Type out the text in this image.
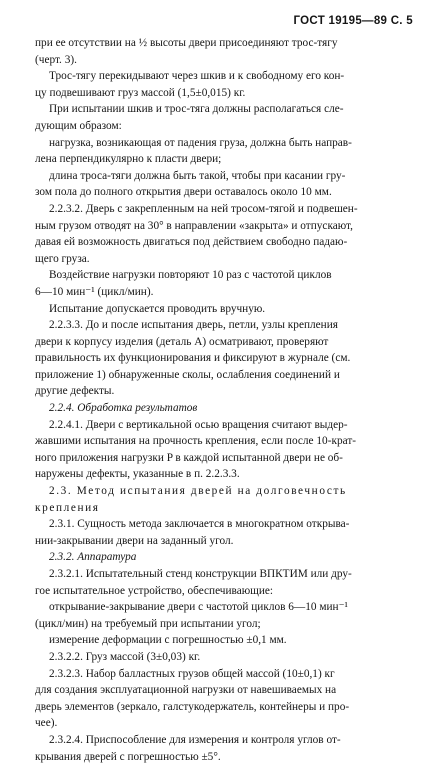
ГОСТ 19195—89 С. 5

при ее отсутствии на ½ высоты двери присоединяют трос-тягу

(черт. 3).

Трос-тягу перекидывают через шкив и к свободному его кон-

цу подвешивают груз массой (1,5±0,015) кг.

При испытании шкив и трос-тяга должны располагаться сле-

дующим образом:

нагрузка, возникающая от падения груза, должна быть направ-

лена перпендикулярно к пласти двери;

длина троса-тяги должна быть такой, чтобы при касании гру-

зом пола до полного открытия двери оставалось около 10 мм.

2.2.3.2. Дверь с закрепленным на ней тросом-тягой и подвешен-

ным грузом отводят на 30° в направлении «закрыта» и отпускают,

давая ей возможность двигаться под действием свободно падаю-

щего груза.

Воздействие нагрузки повторяют 10 раз с частотой циклов

6—10 мин⁻¹ (цикл/мин).

Испытание допускается проводить вручную.

2.2.3.3. До и после испытания дверь, петли, узлы крепления

двери к корпусу изделия (деталь А) осматривают, проверяют

правильность их функционирования и фиксируют в журнале (см.

приложение 1) обнаруженные сколы, ослабления соединений и

другие дефекты.

2.2.4. Обработка результатов

2.2.4.1. Двери с вертикальной осью вращения считают выдер-

жавшими испытания на прочность крепления, если после 10-крат-

ного приложения нагрузки P в каждой испытанной двери не об-

наружены дефекты, указанные в п. 2.2.3.3.

2.3. Метод испытания дверей на долговечность

крепления

2.3.1. Сущность метода заключается в многократном открыва-

нии-закрывании двери на заданный угол.

2.3.2. Аппаратура

2.3.2.1. Испытательный стенд конструкции ВПКТИМ или дру-

гое испытательное устройство, обеспечивающие:

открывание-закрывание двери с частотой циклов 6—10 мин⁻¹

(цикл/мин) на требуемый при испытании угол;

измерение деформации с погрешностью ±0,1 мм.

2.3.2.2. Груз массой (3±0,03) кг.

2.3.2.3. Набор балластных грузов общей массой (10±0,1) кг

для создания эксплуатационной нагрузки от навешиваемых на

дверь элементов (зеркало, галстукодержатель, контейнеры и про-

чее).

2.3.2.4. Приспособление для измерения и контроля углов от-

крывания дверей с погрешностью ±5°.
